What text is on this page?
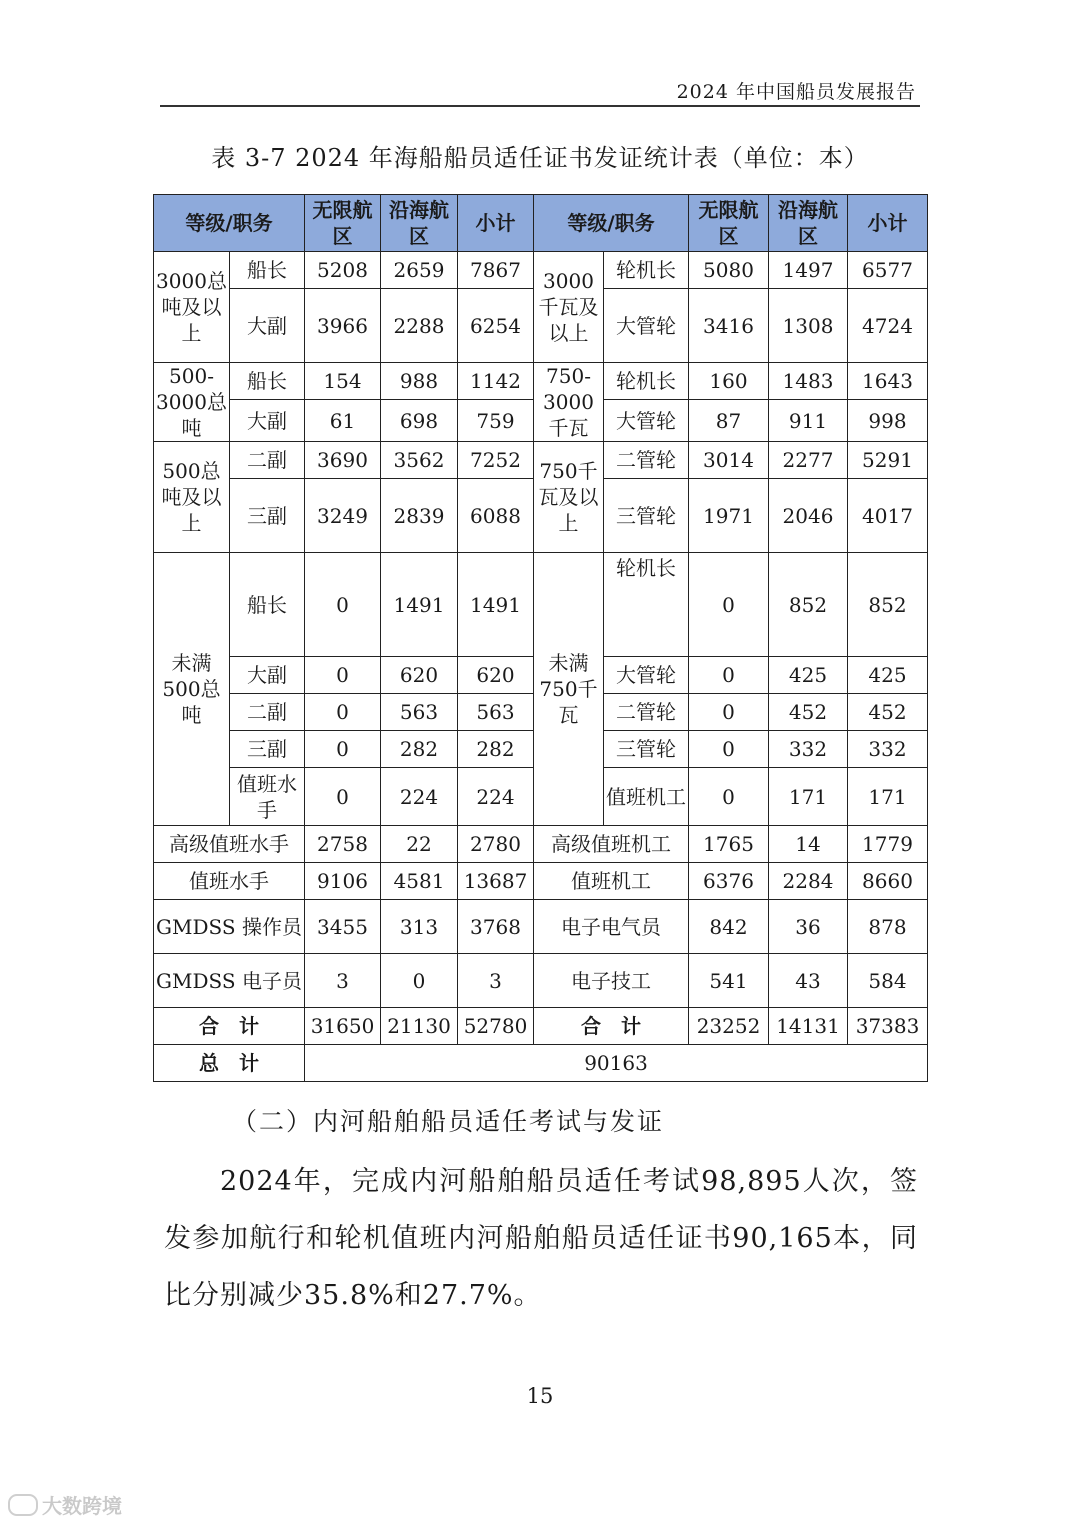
2024 年中国船员发展报告
表 3-7 2024 年海船船员适任证书发证统计表（单位：本）
等级/职务		无限航区	沿海航区	小计	等级/职务		无限航区	沿海航区	小计
3000总吨及以上	船长	5208	2659	7867	3000千瓦及以上	轮机长	5080	1497	6577
	大副	3966	2288	6254		大管轮	3416	1308	4724
500-3000总吨	船长	154	988	1142	750-3000千瓦	轮机长	160	1483	1643
	大副	61	698	759		大管轮	87	911	998
500总吨及以上	二副	3690	3562	7252	750千瓦及以上	二管轮	3014	2277	5291
	三副	3249	2839	6088		三管轮	1971	2046	4017
未满500总吨	船长	0	1491	1491	未满750千瓦	轮机长	0	852	852
	大副	0	620	620		大管轮	0	425	425
	二副	0	563	563		二管轮	0	452	452
	三副	0	282	282		三管轮	0	332	332
	值班水手	0	224	224		值班机工	0	171	171
高级值班水手		2758	22	2780	高级值班机工		1765	14	1779
值班水手		9106	4581	13687	值班机工		6376	2284	8660
GMDSS 操作员		3455	313	3768	电子电气员		842	36	878
GMDSS 电子员		3	0	3	电子技工		541	43	584
合　计		31650	21130	52780	合　计		23252	14131	37383
总　计		90163							
（二）内河船舶船员适任考试与发证
2024年，完成内河船舶船员适任考试98,895人次，签发参加航行和轮机值班内河船舶船员适任证书90,165本，同比分别减少35.8%和27.7%。
15
大数跨境
